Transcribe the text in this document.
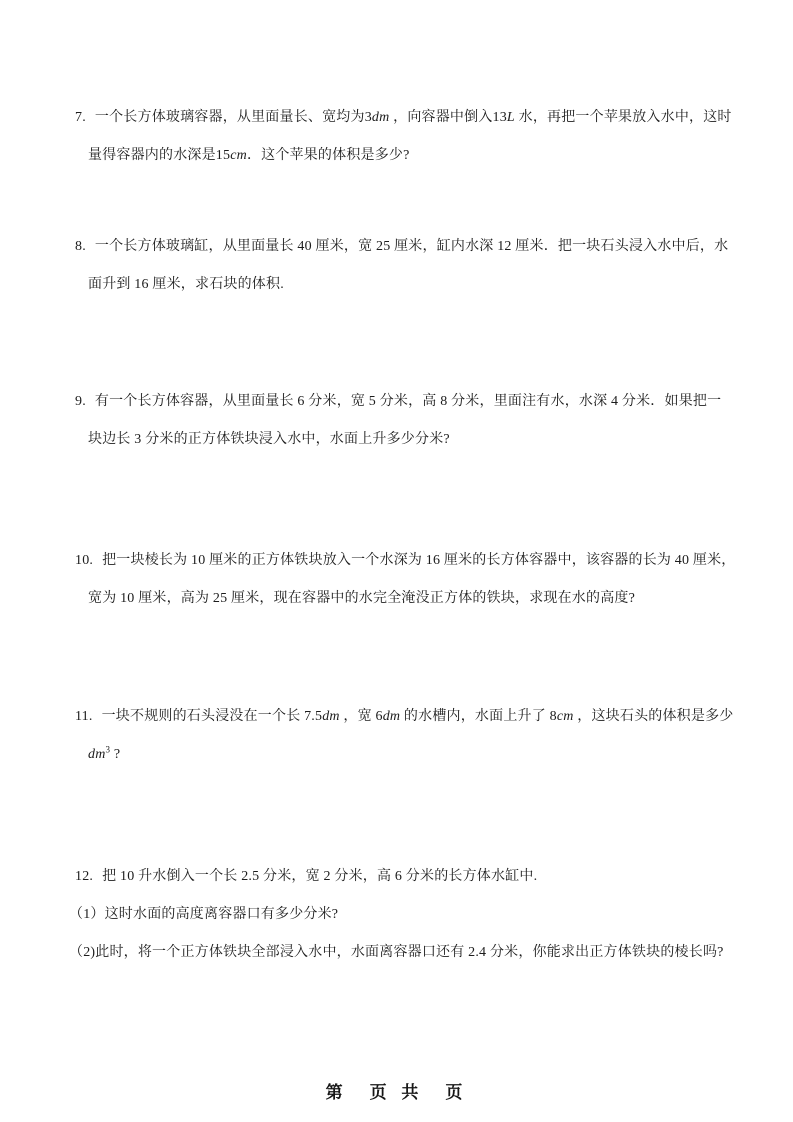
7. 一个长方体玻璃容器，从里面量长、宽均为3dm ，向容器中倒入13L 水，再把一个苹果放入水中，这时
量得容器内的水深是15cm．这个苹果的体积是多少?
8. 一个长方体玻璃缸，从里面量长 40 厘米，宽 25 厘米，缸内水深 12 厘米．把一块石头浸入水中后，水
面升到 16 厘米，求石块的体积.
9. 有一个长方体容器，从里面量长 6 分米，宽 5 分米，高 8 分米，里面注有水，水深 4 分米．如果把一
块边长 3 分米的正方体铁块浸入水中，水面上升多少分米?
10. 把一块棱长为 10 厘米的正方体铁块放入一个水深为 16 厘米的长方体容器中，该容器的长为 40 厘米，
宽为 10 厘米，高为 25 厘米，现在容器中的水完全淹没正方体的铁块，求现在水的高度?
11. 一块不规则的石头浸没在一个长 7.5dm ，宽 6dm 的水槽内，水面上升了 8cm ，这块石头的体积是多少
$dm^3$ ?
12. 把 10 升水倒入一个长 2.5 分米，宽 2 分米，高 6 分米的长方体水缸中.
（1）这时水面的高度离容器口有多少分米?
（2)此时，将一个正方体铁块全部浸入水中，水面离容器口还有 2.4 分米，你能求出正方体铁块的棱长吗?
第　页 共　页
